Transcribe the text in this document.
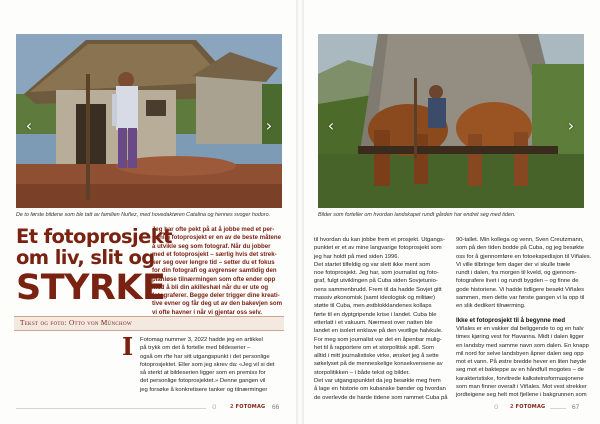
‹	›
De to første bildene som ble tatt av familien Nuñez, med hovedaktøren Catalina og hennes svoger hodoro.
Et fotoprosjekt
om liv, slit og
STYRKE
Jeg har ofte pekt på at å jobbe med et per-
sonlig fotoprosjekt er en av de beste måtene
å utvikle seg som fotograf. Når du jobber
med et fotoprosjekt – særlig hvis det strek-
ker seg over lengre tid – setter du et fokus
for din fotografi og avgrenser samtidig den
planløse tilnærmingen som ofte ender opp
med å bli din akilleshæl når du er ute og
fotograferer. Begge deler trigger dine kreati-
tive evner og får deg ut av den bakevjen som
vi ofte havner i når vi gjentar oss selv.
Tekst og foto: Otto von Münchow
I	Fotomag nummer 3, 2022 hadde jeg en artikkel

på trykk om det å fortelle med bildeserier –

også om rfte har sitt utgangspunkt i det personlige

fotoprosjektet. Eller som jeg skrev da: «Jeg vil si det

så sterkt at bildeserien ligger som en premiss for

det personlige fotoprosjektet.» Denne gangen vil

jeg forsøke å konkretisere tanker og tilnærminger

o	2 FOTOMAG 66
‹	›
Bilder som forteller om hvordan landskapet rundt gården har endret seg med tiden.

til hvordan du kan jobbe frem et prosjekt. Utgangs-

punktet er et av mine langvarige fotoprosjekt som

jeg har holdt på med siden 1996.

Det startet tilfeldig og var slett ikke ment som

noe fotoprosjekt. Jeg har, som journalist og foto-

graf, fulgt utviklingen på Cuba siden Sovjetunio-

nens sammenbrudd. Frem til da hadde Sovjet gitt

massiv økonomisk (samt ideologisk og militær)

støtte til Cuba, men østblokklandenes kollaps

førte til en dyptgripende krise i landet. Cuba ble

etterlatt i et vakuum. Nærmest over natten ble

landet en isolert enklave på den vestlige halvkule.

For meg som journalist var det en åpenbar mulig-

het til å rapportere om et storpolitisk spill. Som

alltid i mitt journalistiske virke, ønsket jeg å sette

søkelyset på de menneskelige konsekvensene av

storpolitikken – i både tekst og bilder.

Det var utgangspunktet da jeg besøkte meg frem

å lage en historie om kubanske bønder og hvordan

de overlevde de harde tidene som rammet Cuba på

90-tallet. Min kollega og venn, Sven Creutzmann,

som på den tiden bodde på Cuba, og jeg besøkte

oss for å gjennomføre en fotoekspedisjon til Viñales.

Vi ville tilbringe fem dager der vi skulle træle

rundt i dalen, fra morgen til kveld, og gjennom-

fotografere livet i og rundt bygden – og finne de

gode historiene. Vi hadde tidligere besøkt Viñales

sammen, men dette var første gangen vi la opp til

en slik dedikert tilnærming.

Ikke et fotoprosjekt til å begynne med

Viñales er en vakker dal beliggende to og en halv

times kjøring vest for Havanna. Midt i dalen ligger

en landsby med samme navn som dalen. En knapp

mil nord for selve landsbyen åpner dalen seg opp

mot et vann. På østre bredde hever en liten høyde

seg mot et bakteppe av en håndfull mogotes – de

karakteristiske, forvitrede kalksteinsformasjonene

som man finner overalt i Viñales. Mot vest strekker

jordteigene seg helt mot fjellene i bakgrunnen som

o 2 FOTOMAG	67
